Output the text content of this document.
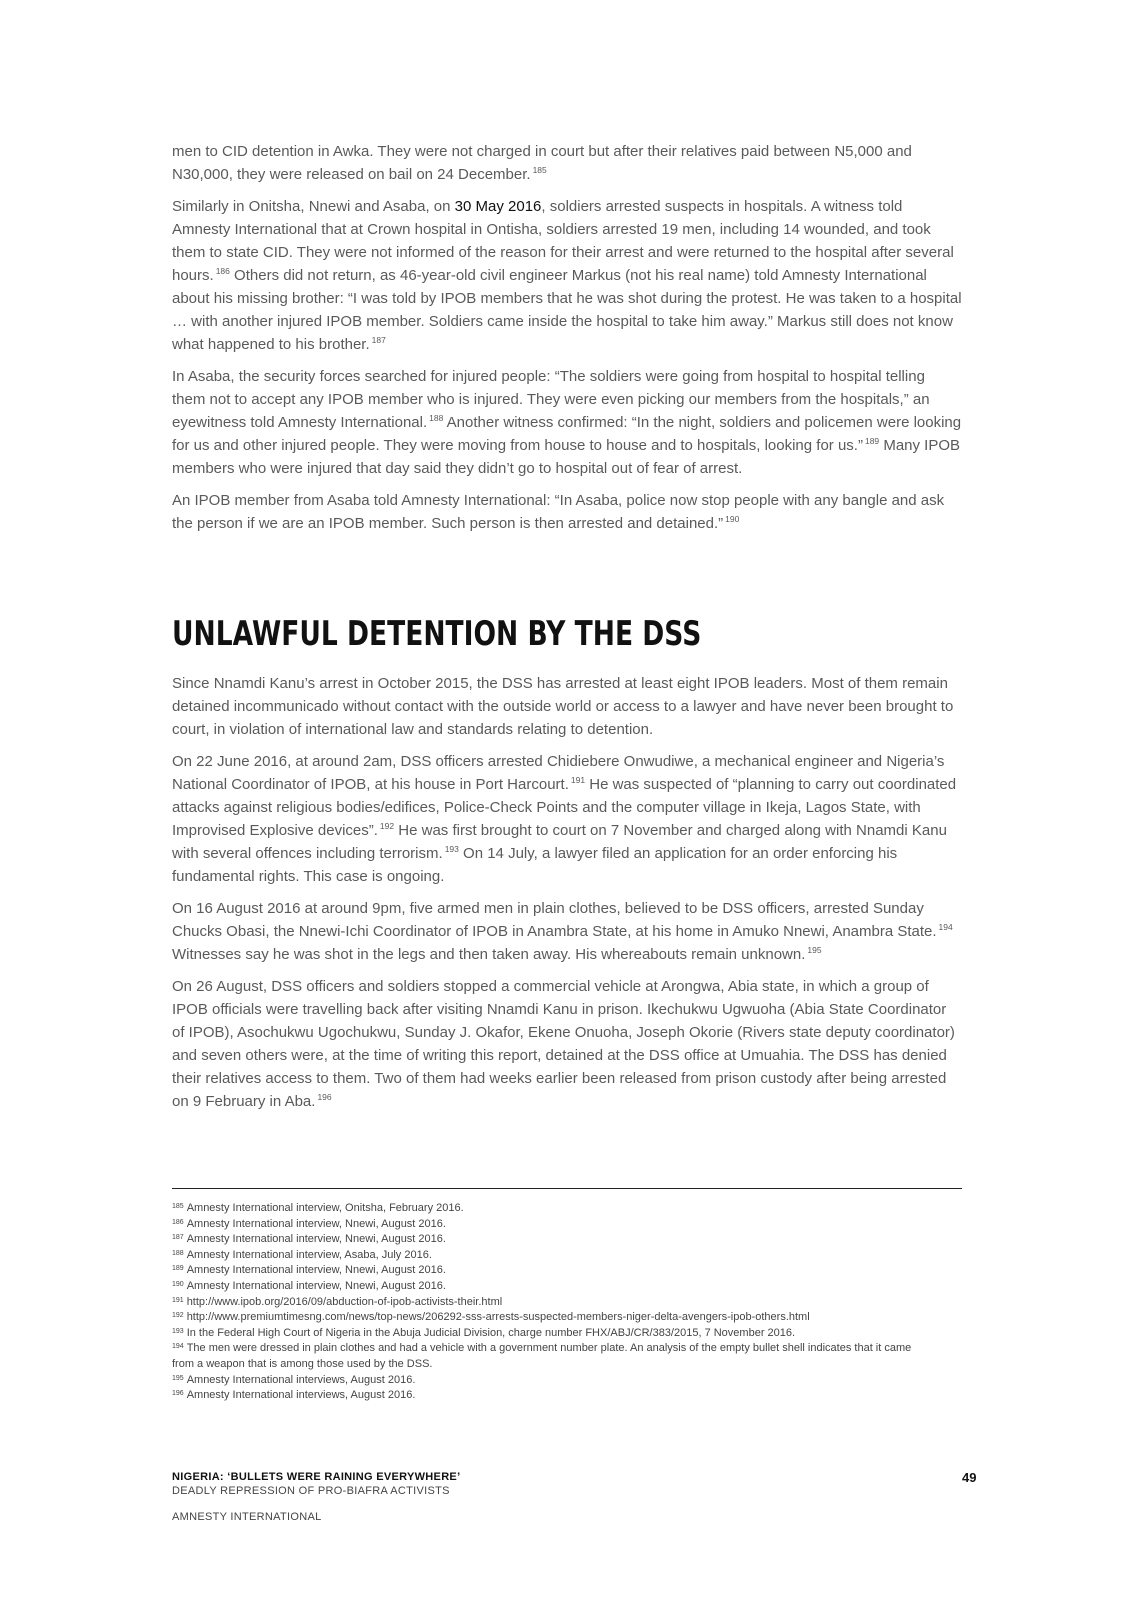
men to CID detention in Awka. They were not charged in court but after their relatives paid between N5,000 and N30,000, they were released on bail on 24 December. $^{185}$

Similarly in Onitsha, Nnewi and Asaba, on 30 May 2016, soldiers arrested suspects in hospitals. A witness told Amnesty International that at Crown hospital in Ontisha, soldiers arrested 19 men, including 14 wounded, and took them to state CID. They were not informed of the reason for their arrest and were returned to the hospital after several hours. $^{186}$ Others did not return, as 46-year-old civil engineer Markus (not his real name) told Amnesty International about his missing brother: “I was told by IPOB members that he was shot during the protest. He was taken to a hospital … with another injured IPOB member. Soldiers came inside the hospital to take him away.” Markus still does not know what happened to his brother. $^{187}$

In Asaba, the security forces searched for injured people: “The soldiers were going from hospital to hospital telling them not to accept any IPOB member who is injured. They were even picking our members from the hospitals,” an eyewitness told Amnesty International. $^{188}$ Another witness confirmed: “In the night, soldiers and policemen were looking for us and other injured people. They were moving from house to house and to hospitals, looking for us.” $^{189}$ Many IPOB members who were injured that day said they didn’t go to hospital out of fear of arrest.

An IPOB member from Asaba told Amnesty International: “In Asaba, police now stop people with any bangle and ask the person if we are an IPOB member. Such person is then arrested and detained.” $^{190}$

UNLAWFUL DETENTION BY THE DSS

Since Nnamdi Kanu’s arrest in October 2015, the DSS has arrested at least eight IPOB leaders. Most of them remain detained incommunicado without contact with the outside world or access to a lawyer and have never been brought to court, in violation of international law and standards relating to detention.

On 22 June 2016, at around 2am, DSS officers arrested Chidiebere Onwudiwe, a mechanical engineer and Nigeria’s National Coordinator of IPOB, at his house in Port Harcourt. $^{191}$ He was suspected of “planning to carry out coordinated attacks against religious bodies/edifices, Police-Check Points and the computer village in Ikeja, Lagos State, with Improvised Explosive devices”. $^{192}$ He was first brought to court on 7 November and charged along with Nnamdi Kanu with several offences including terrorism. $^{193}$ On 14 July, a lawyer filed an application for an order enforcing his fundamental rights. This case is ongoing.

On 16 August 2016 at around 9pm, five armed men in plain clothes, believed to be DSS officers, arrested Sunday Chucks Obasi, the Nnewi-Ichi Coordinator of IPOB in Anambra State, at his home in Amuko Nnewi, Anambra State. $^{194}$ Witnesses say he was shot in the legs and then taken away. His whereabouts remain unknown. $^{195}$

On 26 August, DSS officers and soldiers stopped a commercial vehicle at Arongwa, Abia state, in which a group of IPOB officials were travelling back after visiting Nnamdi Kanu in prison. Ikechukwu Ugwuoha (Abia State Coordinator of IPOB), Asochukwu Ugochukwu, Sunday J. Okafor, Ekene Onuoha, Joseph Okorie (Rivers state deputy coordinator) and seven others were, at the time of writing this report, detained at the DSS office at Umuahia. The DSS has denied their relatives access to them. Two of them had weeks earlier been released from prison custody after being arrested on 9 February in Aba. $^{196}$

$^{185}$ Amnesty International interview, Onitsha, February 2016.

$^{186}$ Amnesty International interview, Nnewi, August 2016.

$^{187}$ Amnesty International interview, Nnewi, August 2016.

$^{188}$ Amnesty International interview, Asaba, July 2016.

$^{189}$ Amnesty International interview, Nnewi, August 2016.

$^{190}$ Amnesty International interview, Nnewi, August 2016.

$^{191}$ http://www.ipob.org/2016/09/abduction-of-ipob-activists-their.html

$^{192}$ http://www.premiumtimesng.com/news/top-news/206292-sss-arrests-suspected-members-niger-delta-avengers-ipob-others.html

$^{193}$ In the Federal High Court of Nigeria in the Abuja Judicial Division, charge number FHX/ABJ/CR/383/2015, 7 November 2016.

$^{194}$ The men were dressed in plain clothes and had a vehicle with a government number plate. An analysis of the empty bullet shell indicates that it came from a weapon that is among those used by the DSS.

$^{195}$ Amnesty International interviews, August 2016.

$^{196}$ Amnesty International interviews, August 2016.

NIGERIA: ‘BULLETS WERE RAINING EVERYWHERE’

DEADLY REPRESSION OF PRO-BIAFRA ACTIVISTS

AMNESTY INTERNATIONAL

49
